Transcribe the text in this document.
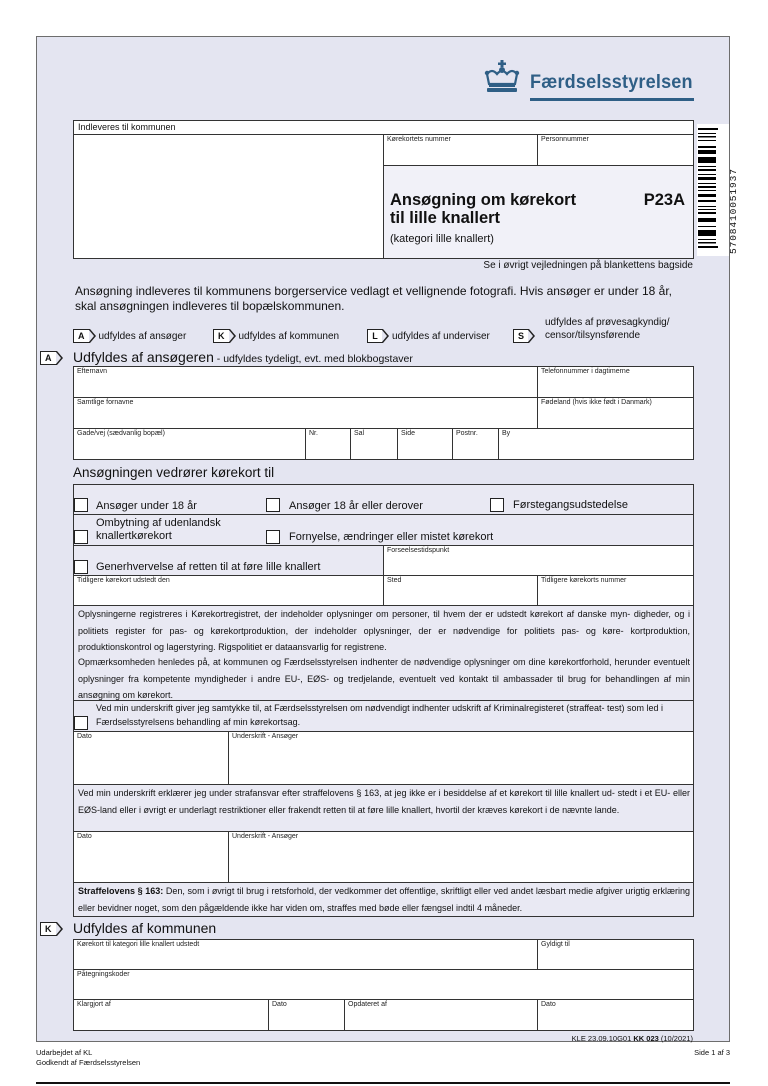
Færdselsstyrelsen
Indleveres til kommunen
Kørekortets nummer	Personnummer
Ansøgning om kørekort
til lille knallert
P23A
(kategori lille knallert)	5708410051937
Se i øvrigt vejledningen på blankettens bagside
Ansøgning indleveres til kommunens borgerservice vedlagt et vellignende fotografi. Hvis ansøger er under 18 år, skal ansøgningen indleveres til bopælskommunen.
A	udfyldes af ansøger	K	udfyldes af kommunen	L	udfyldes af underviser	S
udfyldes af prøvesagkyndig/
censor/tilsynsførende
A	Udfyldes af ansøgeren - udfyldes tydeligt, evt. med blokbogstaver
Efternavn	Telefonnummer i dagtimerne
Samtlige fornavne	Fødeland (hvis ikke født i Danmark)
Gade/vej (sædvanlig bopæl)	Nr.	Sal	Side	Postnr.	By
Ansøgningen vedrører kørekort til
Ansøger under 18 år	Ansøger 18 år eller derover	Førstegangsudstedelse
Ombytning af udenlandsk
knallertkørekort	Fornyelse, ændringer eller mistet kørekort
Generhvervelse af retten til at føre lille knallert
Forseelsestidspunkt
Tidligere kørekort udstedt den	Sted	Tidligere kørekorts nummer
Oplysningerne registreres i Kørekortregistret, der indeholder oplysninger om personer, til hvem der er udstedt kørekort af danske myn- digheder, og i politiets register for pas- og kørekortproduktion, der indeholder oplysninger, der er nødvendige for politiets pas- og køre- kortproduktion, produktionskontrol og lagerstyring. Rigspolitiet er dataansvarlig for registrene.
Opmærksomheden henledes på, at kommunen og Færdselsstyrelsen indhenter de nødvendige oplysninger om dine kørekortforhold, herunder eventuelt oplysninger fra kompetente myndigheder i andre EU-, EØS- og tredjelande, eventuelt ved kontakt til ambassader til brug for behandlingen af min ansøgning om kørekort.
Ved min underskrift giver jeg samtykke til, at Færdselsstyrelsen om nødvendigt indhenter udskrift af Kriminalregisteret (straffeat- test) som led i Færdselsstyrelsens behandling af min kørekortsag.
Dato	Underskrift - Ansøger
Ved min underskrift erklærer jeg under strafansvar efter straffelovens § 163, at jeg ikke er i besiddelse af et kørekort til lille knallert ud- stedt i et EU- eller EØS-land eller i øvrigt er underlagt restriktioner eller frakendt retten til at føre lille knallert, hvortil der kræves kørekort i de nævnte lande.
Dato	Underskrift - Ansøger
Straffelovens § 163: Den, som i øvrigt til brug i retsforhold, der vedkommer det offentlige, skriftligt eller ved andet læsbart medie afgiver urigtig erklæring eller bevidner noget, som den pågældende ikke har viden om, straffes med bøde eller fængsel indtil 4 måneder.
K	Udfyldes af kommunen
Kørekort til kategori lille knallert udstedt	Gyldigt til
Påtegningskoder
Klargjort af	Dato	Opdateret af	Dato
KLE 23.09.10G01 KK 023 (10/2021)
Udarbejdet af KL
Godkendt af Færdselsstyrelsen
Side 1 af 3
